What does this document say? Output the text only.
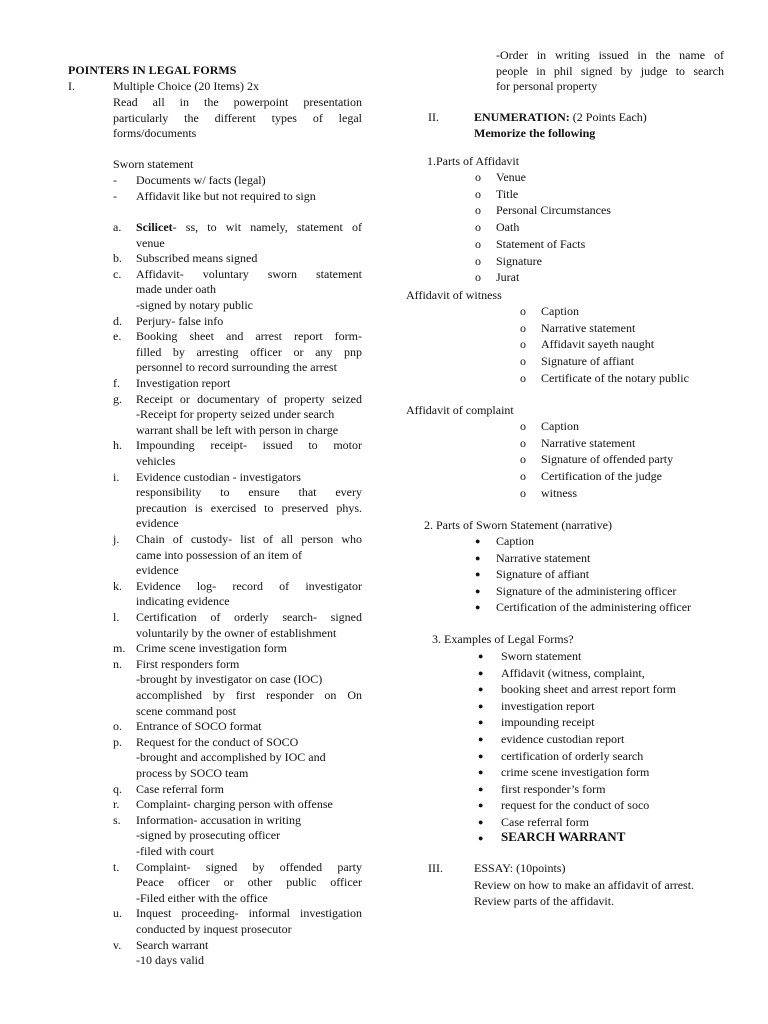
POINTERS IN LEGAL FORMS
I.	Multiple Choice (20 Items) 2x
Read all in the powerpoint presentation
particularly the different types of legal
forms/documents
Sworn statement
- Documents w/ facts (legal)
- Affidavit like but not required to sign
a. Scilicet- ss, to wit namely, statement of
venue
b. Subscribed means signed
c. Affidavit- voluntary sworn statement
made under oath
-signed by notary public
d. Perjury- false info
e. Booking sheet and arrest report form-
filled by arresting officer or any pnp
personnel to record surrounding the arrest
f. Investigation report
g. Receipt or documentary of property seized
-Receipt for property seized under search
warrant shall be left with person in charge
h. Impounding receipt- issued to motor
vehicles
i. Evidence custodian - investigators
responsibility to ensure that every
precaution is exercised to preserved phys.
evidence
j. Chain of custody- list of all person who
came into possession of an item of
evidence
k. Evidence log- record of investigator
indicating evidence
l. Certification of orderly search- signed
voluntarily by the owner of establishment
m. Crime scene investigation form
n. First responders form
-brought by investigator on case (IOC)
accomplished by first responder on On
scene command post
o. Entrance of SOCO format
p. Request for the conduct of SOCO
-brought and accomplished by IOC and
process by SOCO team
q. Case referral form
r. Complaint- charging person with offense
s. Information- accusation in writing
-signed by prosecuting officer
-filed with court
t. Complaint- signed by offended party
Peace officer or other public officer
-Filed either with the office
u. Inquest proceeding- informal investigation
conducted by inquest prosecutor
v. Search warrant
-10 days valid
-Order in writing issued in the name of
people in phil signed by judge to search
for personal property
II.	ENUMERATION: (2 Points Each)
Memorize the following
1.Parts of Affidavit
o Venue
o Title
o Personal Circumstances
o Oath
o Statement of Facts
o Signature
o Jurat
Affidavit of witness
o Caption
o Narrative statement
o Affidavit sayeth naught
o Signature of affiant
o Certificate of the notary public
Affidavit of complaint
o Caption
o Narrative statement
o Signature of offended party
o Certification of the judge
o witness
2. Parts of Sworn Statement (narrative)
● Caption
● Narrative statement
● Signature of affiant
● Signature of the administering officer
● Certification of the administering officer
3. Examples of Legal Forms?
● Sworn statement
● Affidavit (witness, complaint,
● booking sheet and arrest report form
● investigation report
● impounding receipt
● evidence custodian report
● certification of orderly search
● crime scene investigation form
● first responder’s form
● request for the conduct of soco
● Case referral form
● SEARCH WARRANT
III.	ESSAY: (10points)
Review on how to make an affidavit of arrest.
Review parts of the affidavit.
